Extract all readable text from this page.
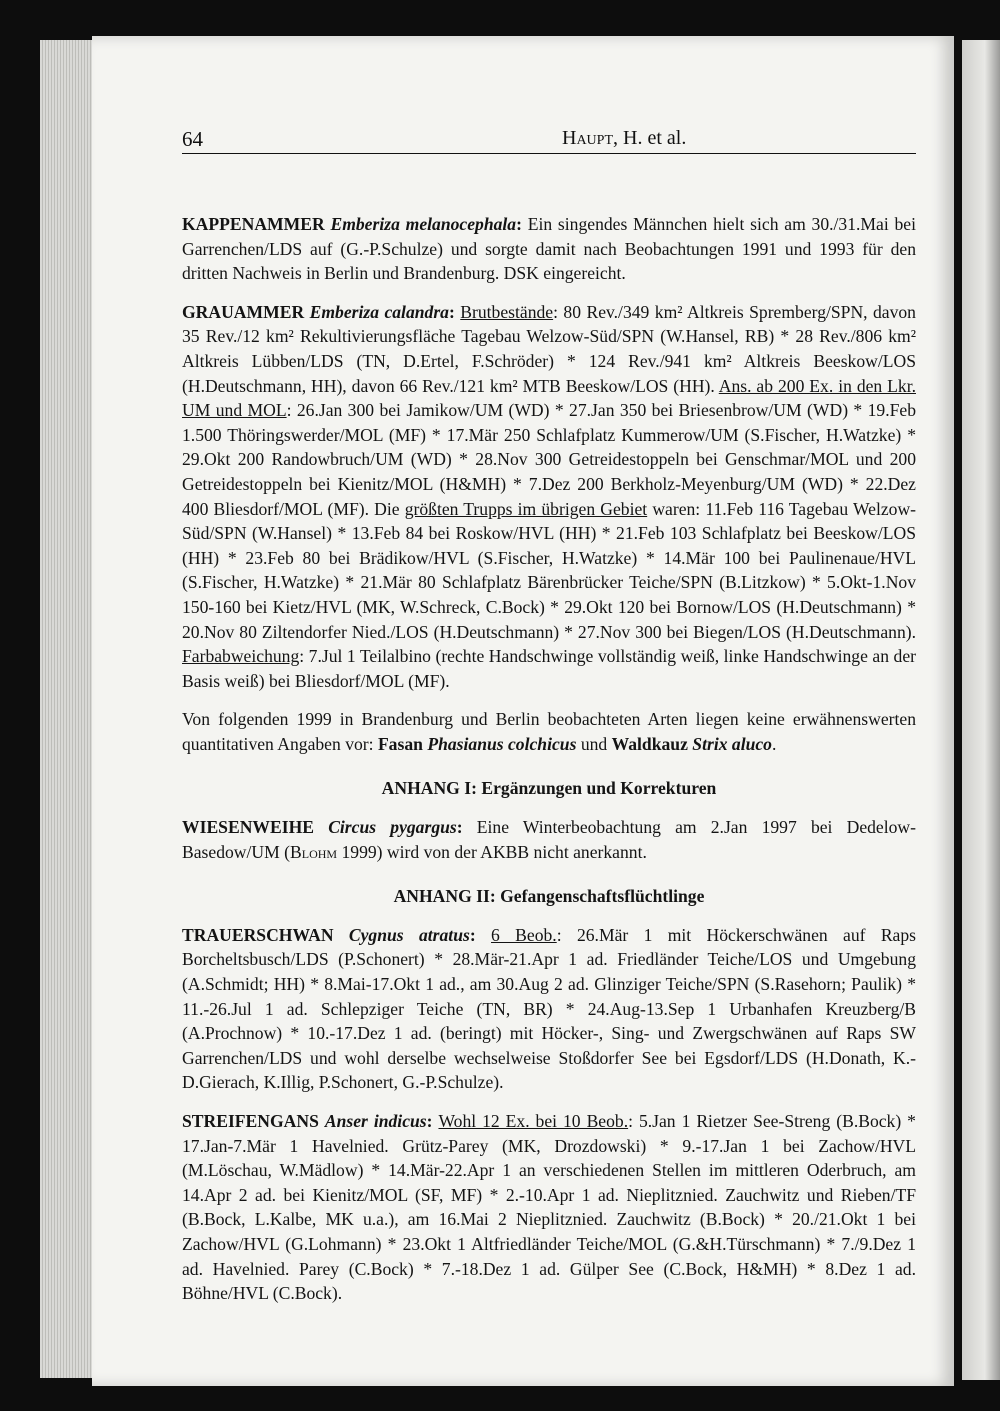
64	Haupt, H. et al.

KAPPENAMMER Emberiza melanocephala: Ein singendes Männchen hielt sich am 30./31.Mai bei Garrenchen/LDS auf (G.-P.Schulze) und sorgte damit nach Beobachtungen 1991 und 1993 für den dritten Nachweis in Berlin und Brandenburg. DSK eingereicht.

GRAUAMMER Emberiza calandra: Brutbestände: 80 Rev./349 km² Altkreis Spremberg/SPN, davon 35 Rev./12 km² Rekultivierungsfläche Tagebau Welzow-Süd/SPN (W.Hansel, RB) * 28 Rev./806 km² Altkreis Lübben/LDS (TN, D.Ertel, F.Schröder) * 124 Rev./941 km² Altkreis Beeskow/LOS (H.Deutschmann, HH), davon 66 Rev./121 km² MTB Beeskow/LOS (HH). Ans. ab 200 Ex. in den Lkr. UM und MOL: 26.Jan 300 bei Jamikow/UM (WD) * 27.Jan 350 bei Briesenbrow/UM (WD) * 19.Feb 1.500 Thöringswerder/MOL (MF) * 17.Mär 250 Schlafplatz Kummerow/UM (S.Fischer, H.Watzke) * 29.Okt 200 Randowbruch/UM (WD) * 28.Nov 300 Getreidestoppeln bei Genschmar/MOL und 200 Getreidestoppeln bei Kienitz/MOL (H&MH) * 7.Dez 200 Berkholz-Meyenburg/UM (WD) * 22.Dez 400 Bliesdorf/MOL (MF). Die größten Trupps im übrigen Gebiet waren: 11.Feb 116 Tagebau Welzow-Süd/SPN (W.Hansel) * 13.Feb 84 bei Roskow/HVL (HH) * 21.Feb 103 Schlafplatz bei Beeskow/LOS (HH) * 23.Feb 80 bei Brädikow/HVL (S.Fischer, H.Watzke) * 14.Mär 100 bei Paulinenaue/HVL (S.Fischer, H.Watzke) * 21.Mär 80 Schlafplatz Bärenbrücker Teiche/SPN (B.Litzkow) * 5.Okt-1.Nov 150-160 bei Kietz/HVL (MK, W.Schreck, C.Bock) * 29.Okt 120 bei Bornow/LOS (H.Deutschmann) * 20.Nov 80 Ziltendorfer Nied./LOS (H.Deutschmann) * 27.Nov 300 bei Biegen/LOS (H.Deutschmann). Farbabweichung: 7.Jul 1 Teilalbino (rechte Handschwinge vollständig weiß, linke Handschwinge an der Basis weiß) bei Bliesdorf/MOL (MF).

Von folgenden 1999 in Brandenburg und Berlin beobachteten Arten liegen keine erwähnenswerten quantitativen Angaben vor: Fasan Phasianus colchicus und Waldkauz Strix aluco.

ANHANG I: Ergänzungen und Korrekturen

WIESENWEIHE Circus pygargus: Eine Winterbeobachtung am 2.Jan 1997 bei Dedelow-Basedow/UM (Blohm 1999) wird von der AKBB nicht anerkannt.

ANHANG II: Gefangenschaftsflüchtlinge

TRAUERSCHWAN Cygnus atratus: 6 Beob.: 26.Mär 1 mit Höckerschwänen auf Raps Borcheltsbusch/LDS (P.Schonert) * 28.Mär-21.Apr 1 ad. Friedländer Teiche/LOS und Umgebung (A.Schmidt; HH) * 8.Mai-17.Okt 1 ad., am 30.Aug 2 ad. Glinziger Teiche/SPN (S.Rasehorn; Paulik) * 11.-26.Jul 1 ad. Schlepziger Teiche (TN, BR) * 24.Aug-13.Sep 1 Urbanhafen Kreuzberg/B (A.Prochnow) * 10.-17.Dez 1 ad. (beringt) mit Höcker-, Sing- und Zwergschwänen auf Raps SW Garrenchen/LDS und wohl derselbe wechselweise Stoßdorfer See bei Egsdorf/LDS (H.Donath, K.-D.Gierach, K.Illig, P.Schonert, G.-P.Schulze).

STREIFENGANS Anser indicus: Wohl 12 Ex. bei 10 Beob.: 5.Jan 1 Rietzer See-Streng (B.Bock) * 17.Jan-7.Mär 1 Havelnied. Grütz-Parey (MK, Drozdowski) * 9.-17.Jan 1 bei Zachow/HVL (M.Löschau, W.Mädlow) * 14.Mär-22.Apr 1 an verschiedenen Stellen im mittleren Oderbruch, am 14.Apr 2 ad. bei Kienitz/MOL (SF, MF) * 2.-10.Apr 1 ad. Nieplitznied. Zauchwitz und Rieben/TF (B.Bock, L.Kalbe, MK u.a.), am 16.Mai 2 Nieplitznied. Zauchwitz (B.Bock) * 20./21.Okt 1 bei Zachow/HVL (G.Lohmann) * 23.Okt 1 Altfriedländer Teiche/MOL (G.&H.Türschmann) * 7./9.Dez 1 ad. Havelnied. Parey (C.Bock) * 7.-18.Dez 1 ad. Gülper See (C.Bock, H&MH) * 8.Dez 1 ad. Böhne/HVL (C.Bock).
